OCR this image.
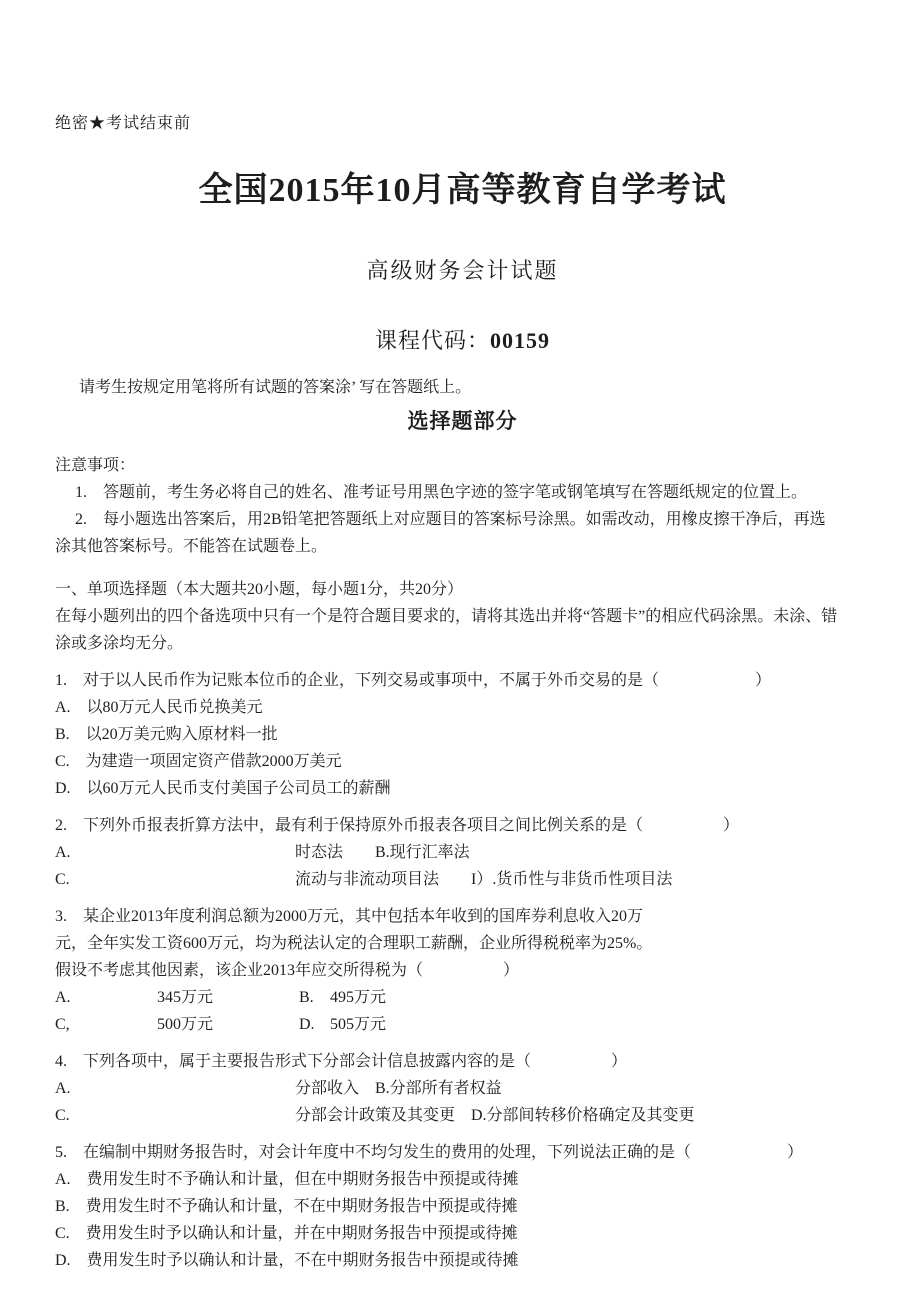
绝密★考试结束前
全国2015年10月高等教育自学考试
高级财务会计试题
课程代码：00159
请考生按规定用笔将所有试题的答案涂’ 写在答题纸上。
选择题部分
注意事项：
1.　答题前，考生务必将自己的姓名、准考证号用黑色字迹的签字笔或钢笔填写在答题纸规定的位置上。
2.　每小题选出答案后，用2B铅笔把答题纸上对应题目的答案标号涂黑。如需改动，用橡皮擦干净后，再选
涂其他答案标号。不能答在试题卷上。
一、单项选择题（本大题共20小题，每小题1分，共20分）
在每小题列出的四个备选项中只有一个是符合题目要求的，请将其选出并将“答题卡”的相应代码涂黑。未涂、错
涂或多涂均无分。
1.　对于以人民币作为记账本位币的企业，下列交易或事项中，不属于外币交易的是（　　　　　　）
A.　以80万元人民币兑换美元
B.　以20万美元购入原材料一批
C.　为建造一项固定资产借款2000万美元
D.　以60万元人民币支付美国子公司员工的薪酬
2.　下列外币报表折算方法中，最有利于保持原外币报表各项目之间比例关系的是（　　　　　）
A.	时态法　　B.现行汇率法
C.	流动与非流动项目法　　I）.货币性与非货币性项目法
3.　某企业2013年度利润总额为2000万元，其中包括本年收到的国库券利息收入20万
元，全年实发工资600万元，均为税法认定的合理职工薪酬，企业所得税税率为25%。
假设不考虑其他因素，该企业2013年应交所得税为（　　　　　）
A.	345万元	B. 495万元
C,	500万元	D. 505万元
4.　下列各项中，属于主要报告形式下分部会计信息披露内容的是（　　　　　）
A.	分部收入　B.分部所有者权益
C.	分部会计政策及其变更　D.分部间转移价格确定及其变更
5.　在编制中期财务报告时，对会计年度中不均匀发生的费用的处理，下列说法正确的是（　　　　　　）
A.　费用发生时不予确认和计量，但在中期财务报告中预提或待摊
B.　费用发生时不予确认和计量，不在中期财务报告中预提或待摊
C.　费用发生时予以确认和计量，并在中期财务报告中预提或待摊
D.　费用发生时予以确认和计量，不在中期财务报告中预提或待摊
